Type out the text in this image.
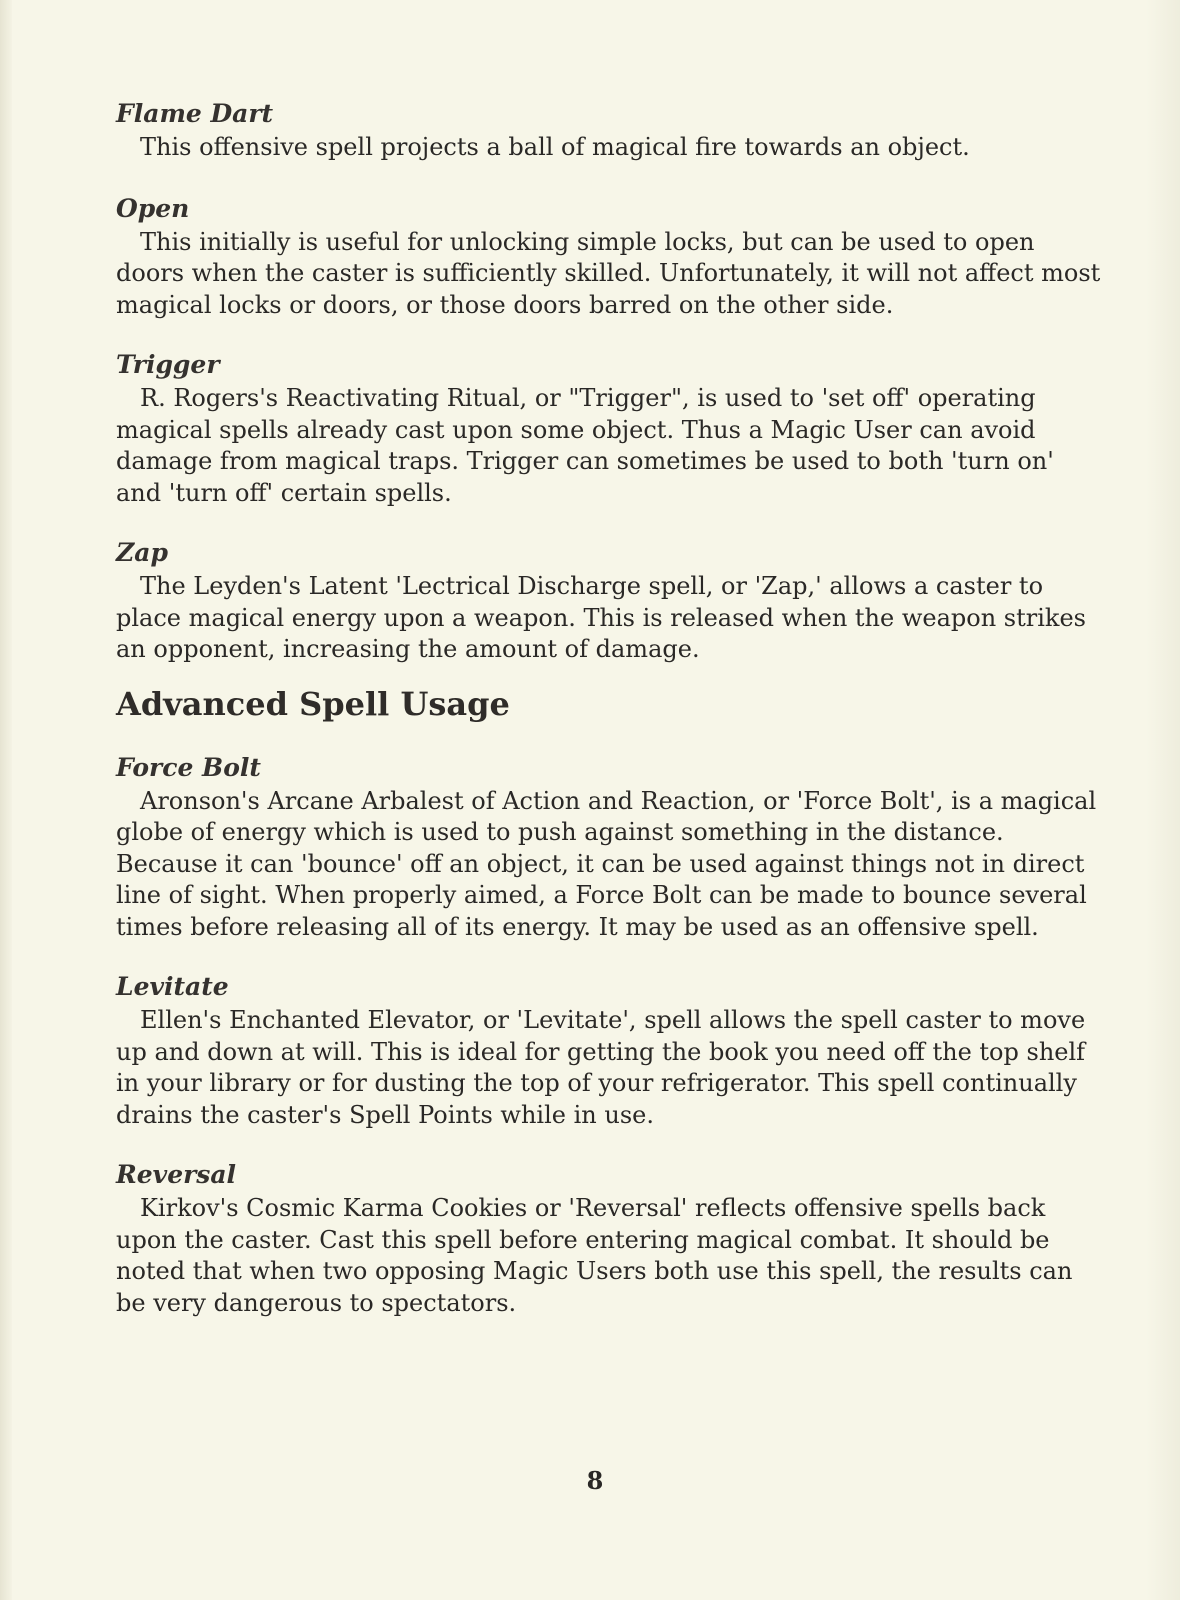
Flame Dart

This offensive spell projects a ball of magical fire towards an object.

Open

This initially is useful for unlocking simple locks, but can be used to open doors when the caster is sufficiently skilled. Unfortunately, it will not affect most magical locks or doors, or those doors barred on the other side.

Trigger

R. Rogers's Reactivating Ritual, or "Trigger", is used to 'set off' operating magical spells already cast upon some object. Thus a Magic User can avoid damage from magical traps. Trigger can sometimes be used to both 'turn on' and 'turn off' certain spells.

Zap

The Leyden's Latent 'Lectrical Discharge spell, or 'Zap,' allows a caster to place magical energy upon a weapon. This is released when the weapon strikes an opponent, increasing the amount of damage.

Advanced Spell Usage
Force Bolt

Aronson's Arcane Arbalest of Action and Reaction, or 'Force Bolt', is a magical globe of energy which is used to push against something in the distance. Because it can 'bounce' off an object, it can be used against things not in direct line of sight. When properly aimed, a Force Bolt can be made to bounce several times before releasing all of its energy. It may be used as an offensive spell.

Levitate

Ellen's Enchanted Elevator, or 'Levitate', spell allows the spell caster to move up and down at will. This is ideal for getting the book you need off the top shelf in your library or for dusting the top of your refrigerator. This spell continually drains the caster's Spell Points while in use.

Reversal

Kirkov's Cosmic Karma Cookies or 'Reversal' reflects offensive spells back upon the caster. Cast this spell before entering magical combat. It should be noted that when two opposing Magic Users both use this spell, the results can be very dangerous to spectators.

8
